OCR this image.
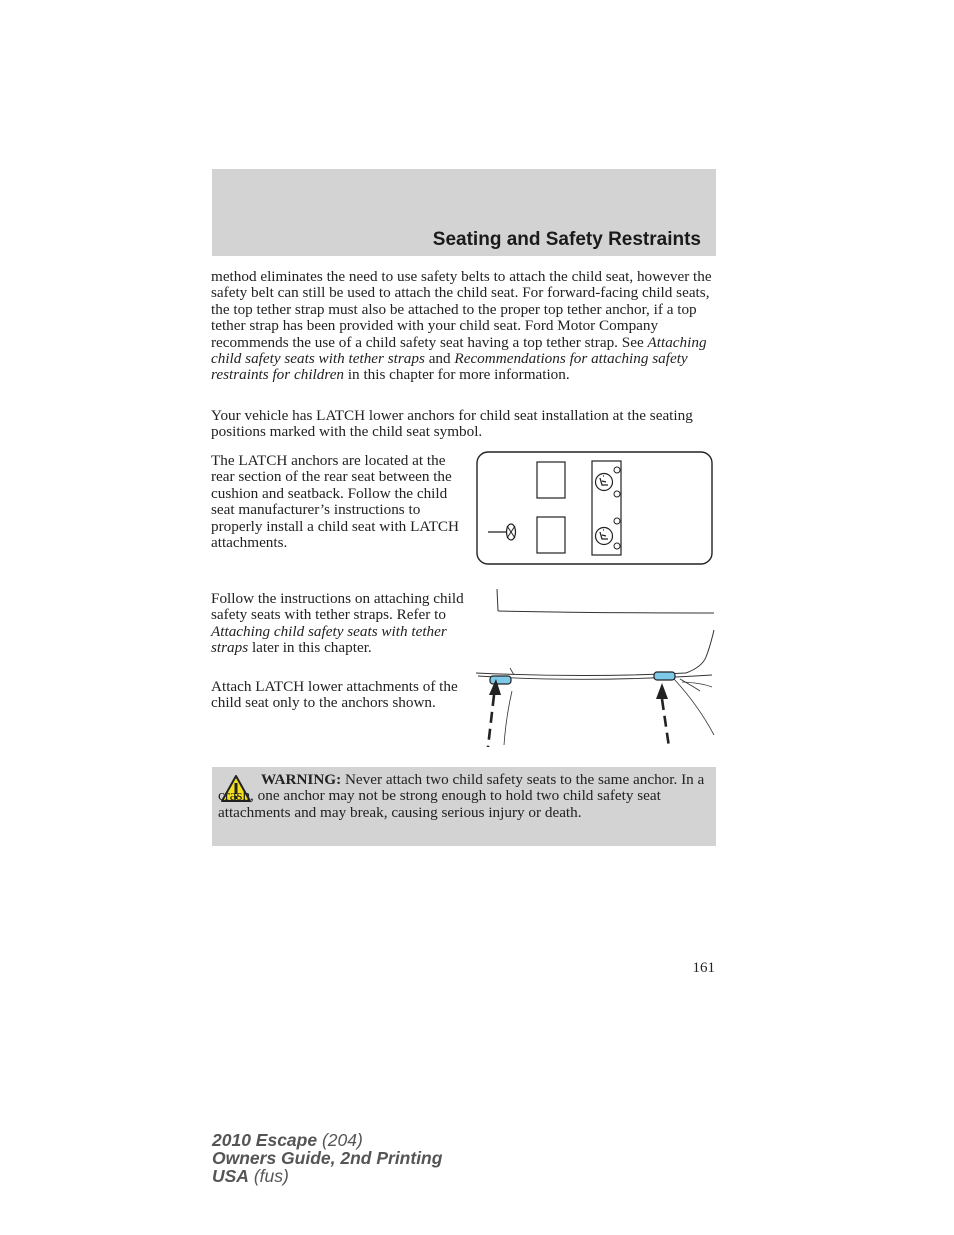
Seating and Safety Restraints

method eliminates the need to use safety belts to attach the child seat, however the safety belt can still be used to attach the child seat. For forward-facing child seats, the top tether strap must also be attached to the proper top tether anchor, if a top tether strap has been provided with your child seat. Ford Motor Company recommends the use of a child safety seat having a top tether strap. See Attaching child safety seats with tether straps and Recommendations for attaching safety restraints for children in this chapter for more information.

Your vehicle has LATCH lower anchors for child seat installation at the seating positions marked with the child seat symbol.

The LATCH anchors are located at the rear section of the rear seat between the cushion and seatback. Follow the child seat manufacturer’s instructions to properly install a child seat with LATCH attachments.

Follow the instructions on attaching child safety seats with tether straps. Refer to Attaching child safety seats with tether straps later in this chapter.

Attach LATCH lower attachments of the child seat only to the anchors shown.

WARNING: Never attach two child safety seats to the same anchor. In a crash, one anchor may not be strong enough to hold two child safety seat attachments and may break, causing serious injury or death.

161
2010 Escape (204)
Owners Guide, 2nd Printing
USA (fus)
